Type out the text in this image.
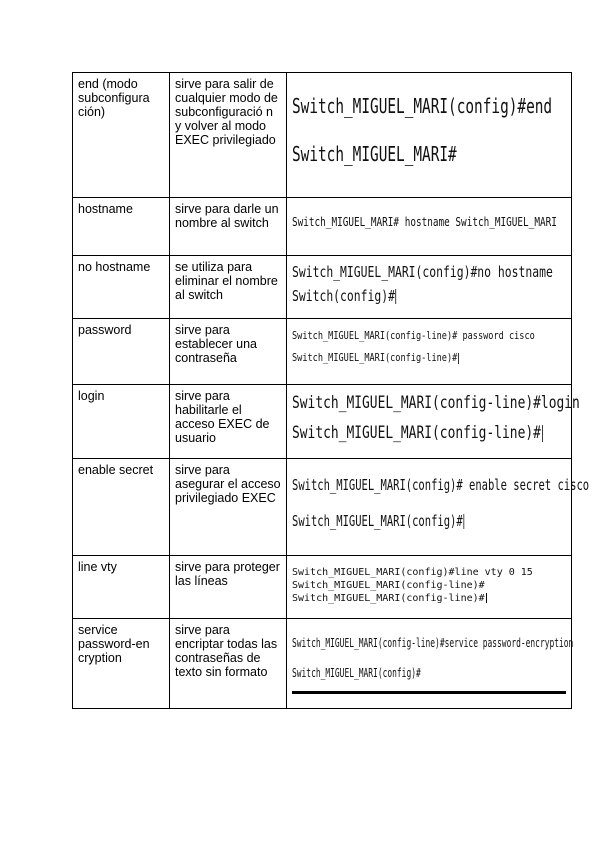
end (modo subconfigura ción)	sirve para salir de cualquier modo de subconfiguració n y volver al modo EXEC privilegiado	Switch_MIGUEL_MARI(config)#end
Switch_MIGUEL_MARI#

hostname	sirve para darle un nombre al switch	Switch_MIGUEL_MARI# hostname Switch_MIGUEL_MARI

no hostname	se utiliza para eliminar el nombre al switch	Switch_MIGUEL_MARI(config)#no hostname
Switch(config)#

password	sirve para establecer una contraseña	Switch_MIGUEL_MARI(config-line)# password cisco
Switch_MIGUEL_MARI(config-line)#

login	sirve para habilitarle el acceso EXEC de usuario	Switch_MIGUEL_MARI(config-line)#login
Switch_MIGUEL_MARI(config-line)#

enable secret	sirve para asegurar el acceso privilegiado EXEC	Switch_MIGUEL_MARI(config)# enable secret cisco
Switch_MIGUEL_MARI(config)#

line vty	sirve para proteger las líneas	Switch_MIGUEL_MARI(config)#line vty 0 15
Switch_MIGUEL_MARI(config-line)#
Switch_MIGUEL_MARI(config-line)#

service password-en cryption	sirve para encriptar todas las contraseñas de texto sin formato	Switch_MIGUEL_MARI(config-line)#service password-encryption
Switch_MIGUEL_MARI(config)#
